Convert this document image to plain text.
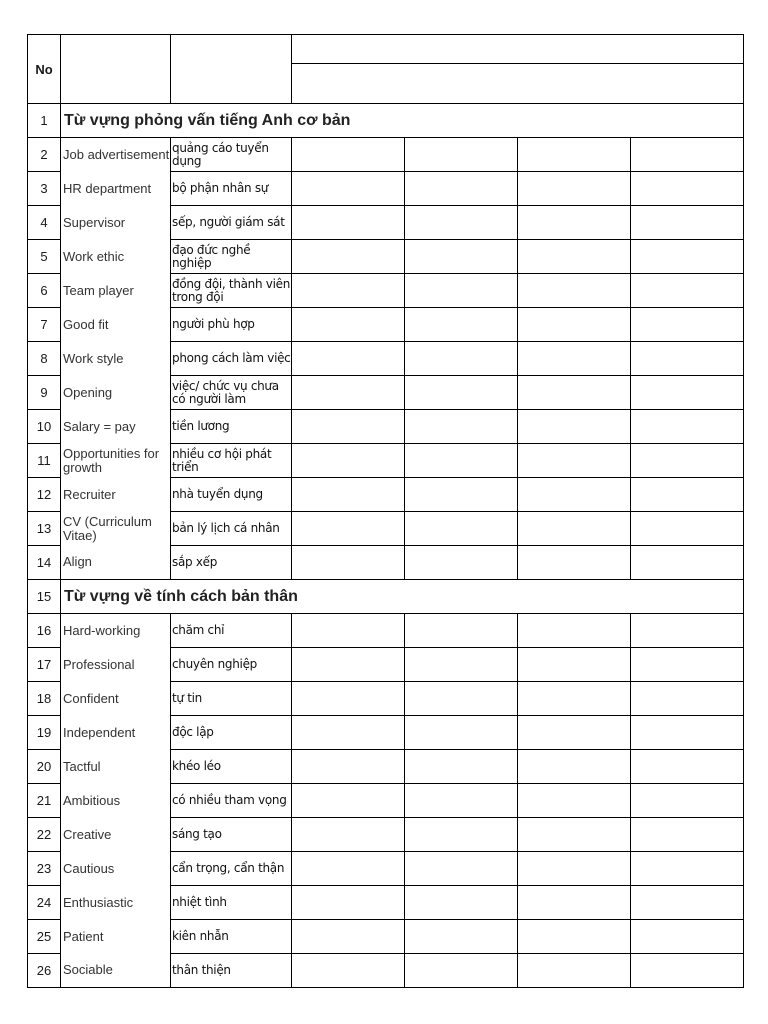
No						

1	Từ vựng phỏng vấn tiếng Anh cơ bản					
2	Job advertisement	quảng cáo tuyển dụng				
3	HR department	bộ phận nhân sự				
4	Supervisor	sếp, người giám sát				
5	Work ethic	đạo đức nghề nghiệp				
6	Team player	đồng đội, thành viên trong đội				
7	Good fit	người phù hợp				
8	Work style	phong cách làm việc				
9	Opening	việc/ chức vụ chưa có người làm				
10	Salary = pay	tiền lương				
11	Opportunities for growth	nhiều cơ hội phát triển				
12	Recruiter	nhà tuyển dụng				
13	CV (Curriculum Vitae)	bản lý lịch cá nhân				
14	Align	sắp xếp				
15	Từ vựng về tính cách bản thân					
16	Hard-working	chăm chỉ				
17	Professional	chuyên nghiệp				
18	Confident	tự tin				
19	Independent	độc lập				
20	Tactful	khéo léo				
21	Ambitious	có nhiều tham vọng				
22	Creative	sáng tạo				
23	Cautious	cẩn trọng, cẩn thận				
24	Enthusiastic	nhiệt tình				
25	Patient	kiên nhẫn				
26	Sociable	thân thiện				
